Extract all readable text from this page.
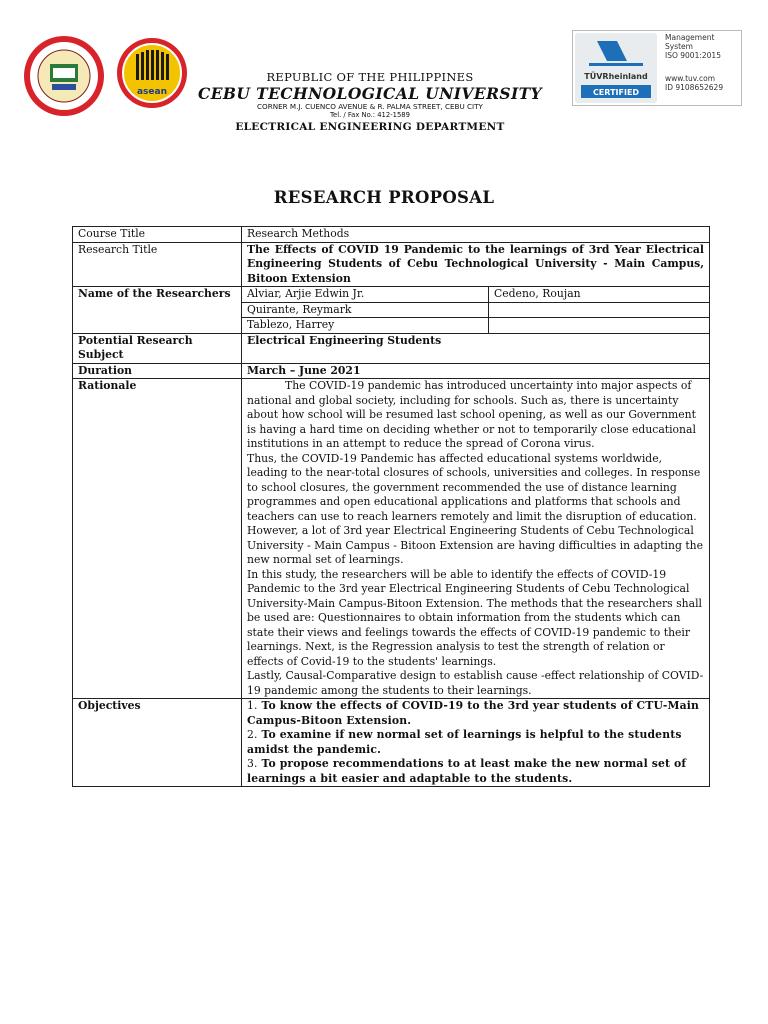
asean
TÜVRheinland
CERTIFIED
Management
System
ISO 9001:2015
www.tuv.com
ID 9108652629
REPUBLIC OF THE PHILIPPINES
CEBU TECHNOLOGICAL UNIVERSITY
CORNER M.J. CUENCO AVENUE & R. PALMA STREET, CEBU CITY
Tel. / Fax No.: 412-1589
ELECTRICAL ENGINEERING DEPARTMENT
RESEARCH PROPOSAL
Course Title	Research Methods	
Research Title	The Effects of COVID 19 Pandemic to the learnings of 3rd Year Electrical Engineering Students of Cebu Technological University - Main Campus, Bitoon Extension	
Name of the Researchers	Alviar, Arjie Edwin Jr.	Cedeno, Roujan
	Quirante, Reymark	
	Tablezo, Harrey	
Potential Research Subject	Electrical Engineering Students	
Duration	March – June 2021	
Rationale	The COVID-19 pandemic has introduced uncertainty into major aspects of national and global society, including for schools. Such as, there is uncertainty about how school will be resumed last school opening, as well as our Government is having a hard time on deciding whether or not to temporarily close educational institutions in an attempt to reduce the spread of Corona virus.

Thus, the COVID-19 Pandemic has affected educational systems worldwide, leading to the near-total closures of schools, universities and colleges. In response to school closures, the government recommended the use of distance learning programmes and open educational applications and platforms that schools and teachers can use to reach learners remotely and limit the disruption of education. However, a lot of 3rd year Electrical Engineering Students of Cebu Technological University - Main Campus - Bitoon Extension are having difficulties in adapting the new normal set of learnings.

In this study, the researchers will be able to identify the effects of COVID-19 Pandemic to the 3rd year Electrical Engineering Students of Cebu Technological University-Main Campus-Bitoon Extension. The methods that the researchers shall be used are: Questionnaires to obtain information from the students which can state their views and feelings towards the effects of COVID-19 pandemic to their learnings. Next, is the Regression analysis to test the strength of relation or effects of Covid-19 to the students' learnings.

Lastly, Causal-Comparative design to establish cause -effect relationship of COVID-19 pandemic among the students to their learnings.	

Objectives	1. To know the effects of COVID-19 to the 3rd year students of CTU-Main Campus-Bitoon Extension.

2. To examine if new normal set of learnings is helpful to the students amidst the pandemic.

3. To propose recommendations to at least make the new normal set of learnings a bit easier and adaptable to the students.	
